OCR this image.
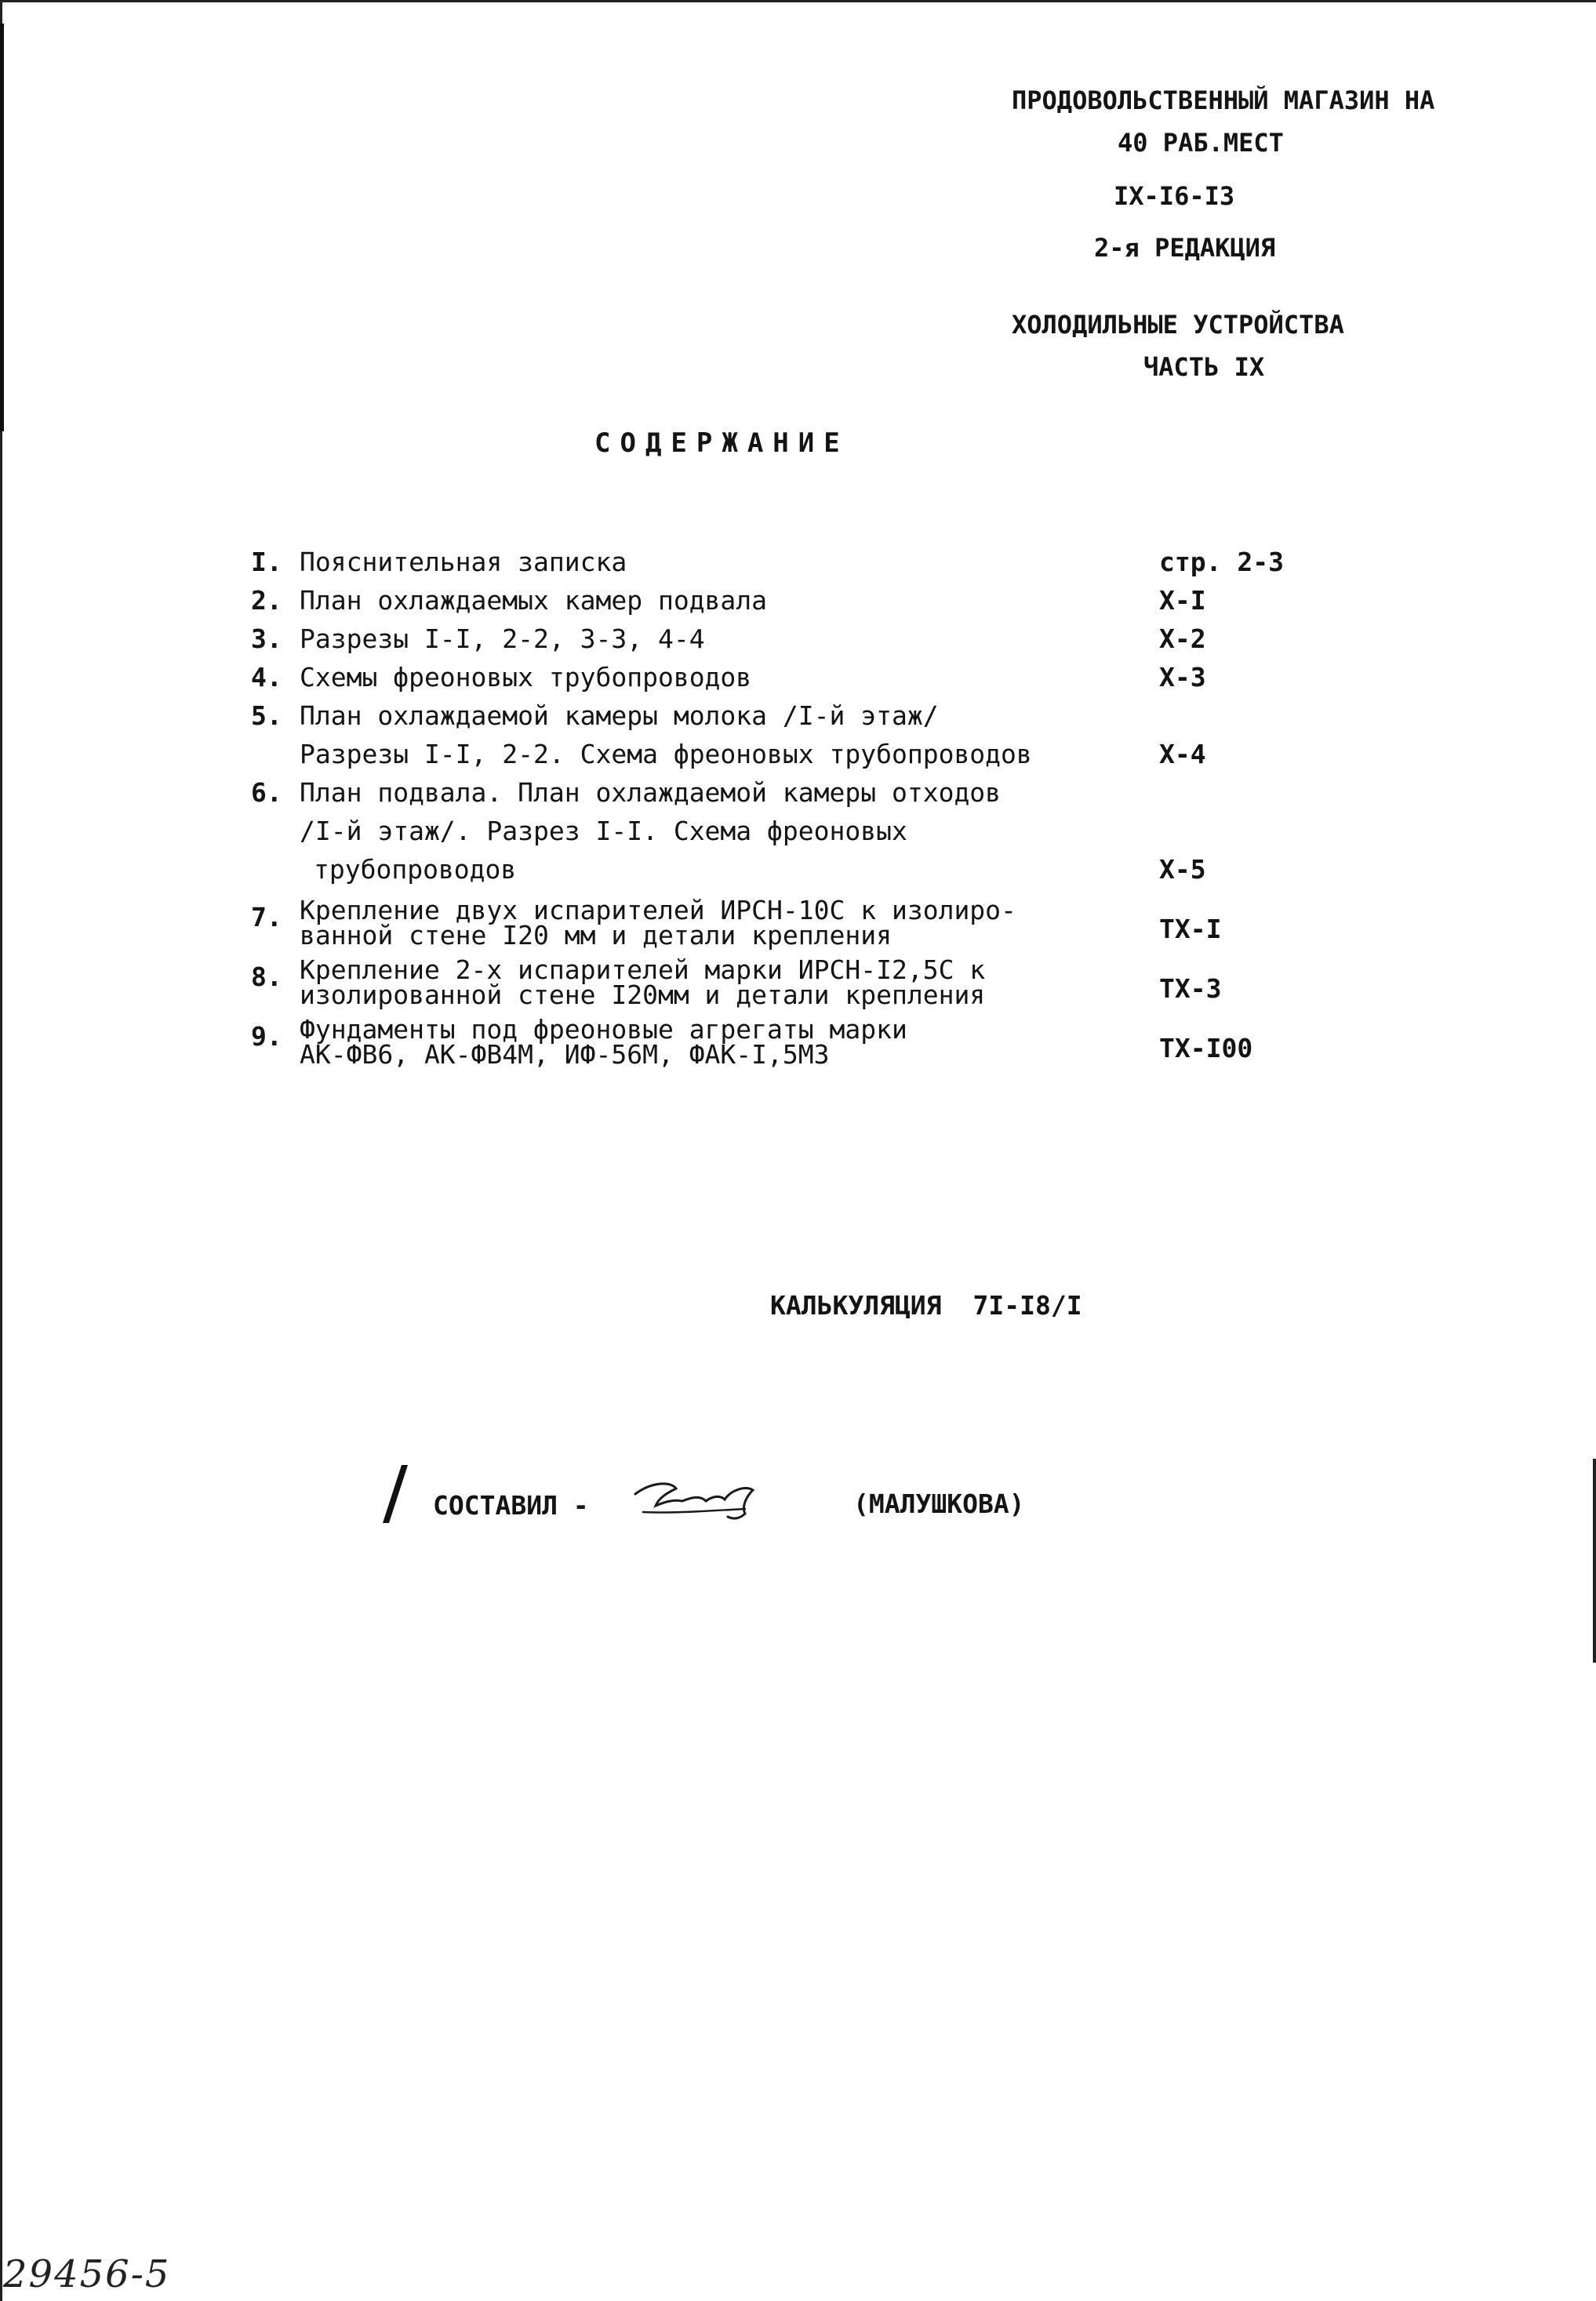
ПРОДОВОЛЬСТВЕННЫЙ МАГАЗИН НА
40 РАБ.МЕСТ
IX-I6-I3
2-я РЕДАКЦИЯ
ХОЛОДИЛЬНЫЕ УСТРОЙСТВА
ЧАСТЬ IX
СОДЕРЖАНИЕ
I. Пояснительная записка	стр. 2-3
2. План охлаждаемых камер подвала	X-I
3. Разрезы I-I, 2-2, 3-3, 4-4	X-2
4. Схемы фреоновых трубопроводов	X-3
5. План охлаждаемой камеры молока /I-й этаж/
Разрезы I-I, 2-2. Схема фреоновых трубопроводов	X-4
6. План подвала. План охлаждаемой камеры отходов
/I-й этаж/. Разрез I-I. Схема фреоновых
трубопроводов	X-5
7. Крепление двух испарителей ИРСН-10С к изолиро-
ванной стене I20 мм и детали крепления	TX-I
8. Крепление 2-х испарителей марки ИРСН-I2,5С к
изолированной стене I20мм и детали крепления	TX-3
9. Фундаменты под фреоновые агрегаты марки
АК-ФВ6, АК-ФВ4М, ИФ-56М, ФАК-I,5МЗ	TX-I00
КАЛЬКУЛЯЦИЯ 7I-I8/I
СОСТАВИЛ -	(МАЛУШКОВА)
29456-5
